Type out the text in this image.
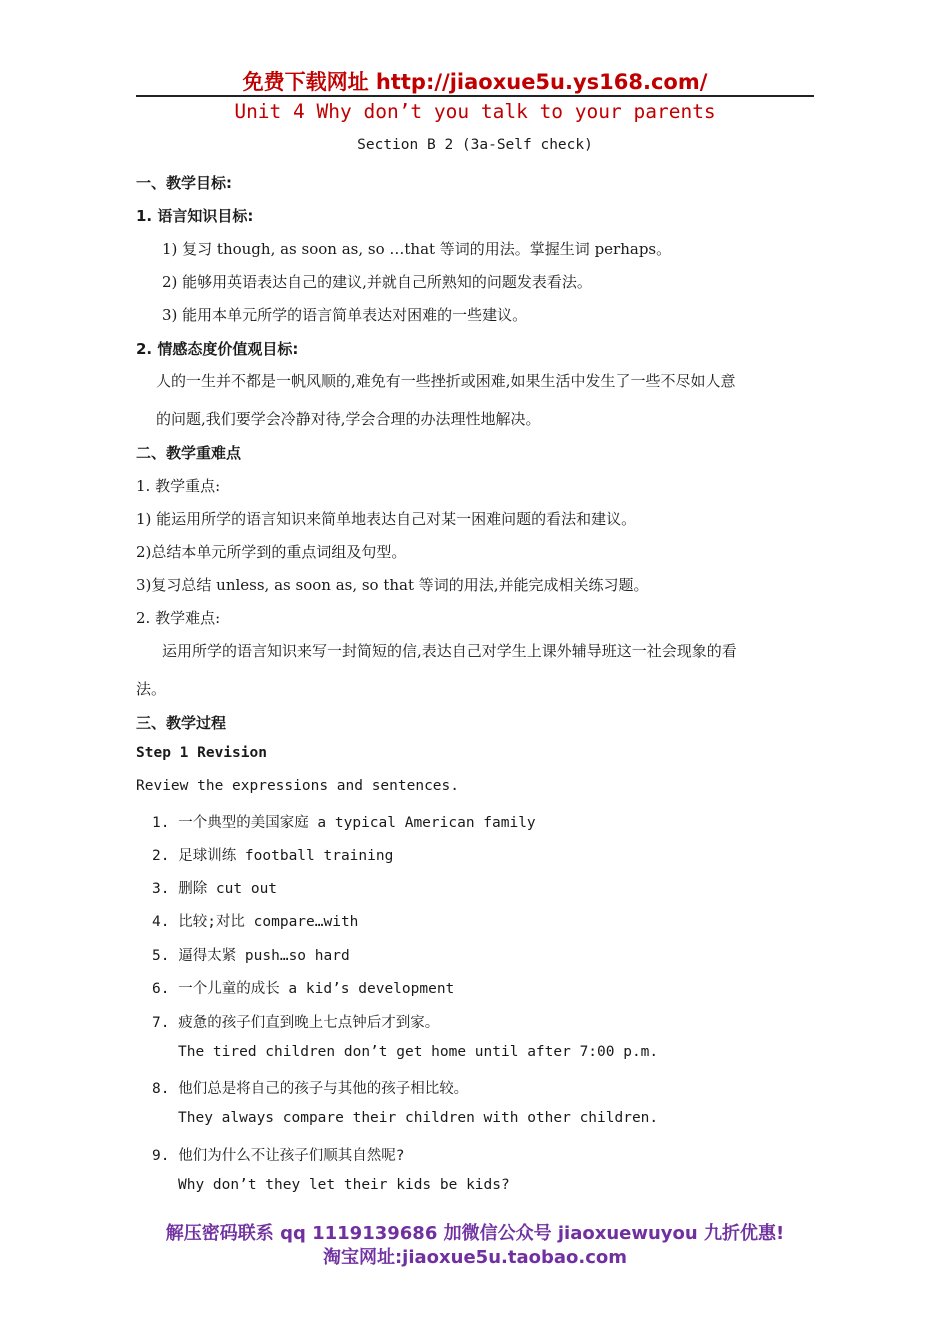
免费下载网址 http://jiaoxue5u.ys168.com/
Unit 4 Why don’t you talk to your parents
Section B 2 (3a-Self check)
一、教学目标:
1. 语言知识目标:
1) 复习 though, as soon as, so …that 等词的用法。掌握生词 perhaps。
2) 能够用英语表达自己的建议,并就自己所熟知的问题发表看法。
3) 能用本单元所学的语言简单表达对困难的一些建议。
2. 情感态度价值观目标:
人的一生并不都是一帆风顺的,难免有一些挫折或困难,如果生活中发生了一些不尽如人意
的问题,我们要学会冷静对待,学会合理的办法理性地解决。
二、教学重难点
1. 教学重点:
1) 能运用所学的语言知识来简单地表达自己对某一困难问题的看法和建议。
2)总结本单元所学到的重点词组及句型。
3)复习总结 unless, as soon as, so that 等词的用法,并能完成相关练习题。
2. 教学难点:
运用所学的语言知识来写一封简短的信,表达自己对学生上课外辅导班这一社会现象的看
法。
三、教学过程
Step 1 Revision
Review the expressions and sentences.
1. 一个典型的美国家庭 a typical American family
2. 足球训练 football training
3. 删除 cut out
4. 比较;对比 compare…with
5. 逼得太紧 push…so hard
6. 一个儿童的成长 a kid’s development
7. 疲惫的孩子们直到晚上七点钟后才到家。
The tired children don’t get home until after 7:00 p.m.
8. 他们总是将自己的孩子与其他的孩子相比较。
They always compare their children with other children.
9. 他们为什么不让孩子们顺其自然呢?
Why don’t they let their kids be kids?
解压密码联系 qq 1119139686 加微信公众号 jiaoxuewuyou 九折优惠!
淘宝网址:jiaoxue5u.taobao.com
